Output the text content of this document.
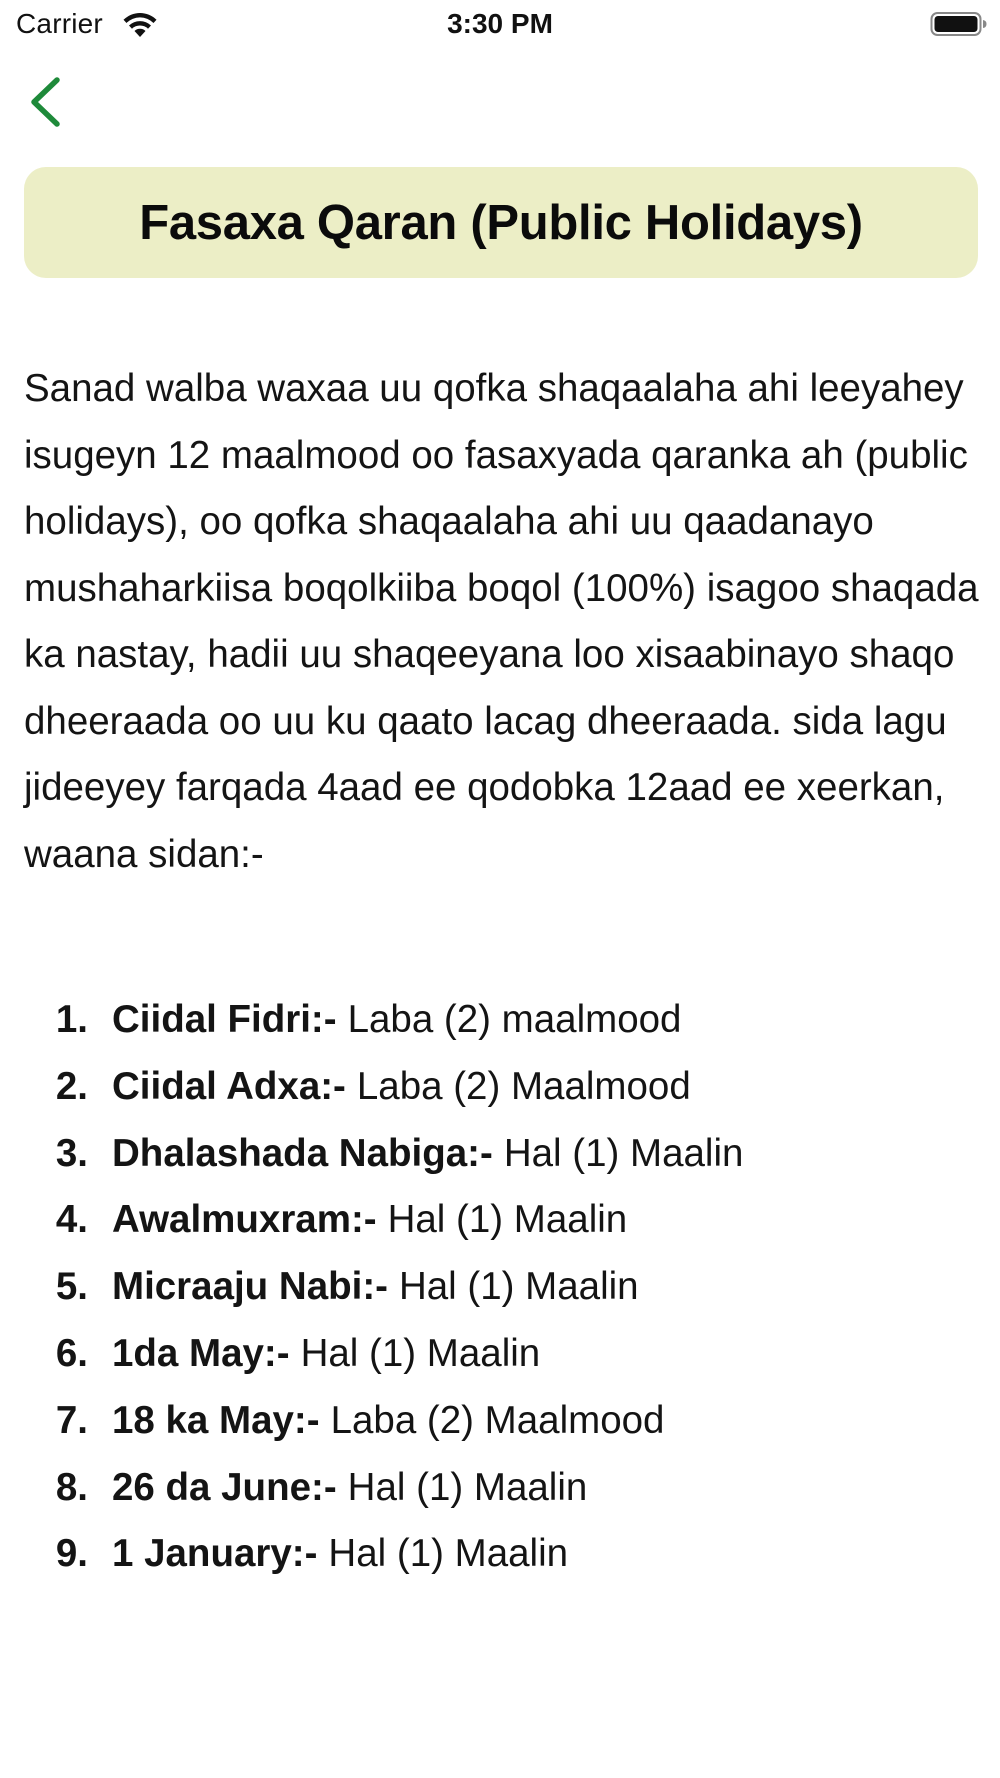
Carrier	3:30 PM
Fasaxa Qaran (Public Holidays)

Sanad walba waxaa uu qofka shaqaalaha ahi leeyahey isugeyn 12 maalmood oo fasaxyada qaranka ah (public holidays), oo qofka shaqaalaha ahi uu qaadanayo mushaharkiisa boqolkiiba boqol (100%) isagoo shaqada ka nastay, hadii uu shaqeeyana loo xisaabinayo shaqo dheeraada oo uu ku qaato lacag dheeraada. sida lagu jideeyey farqada 4aad ee qodobka 12aad ee xeerkan, waana sidan:-

1. Ciidal Fidri:- Laba (2) maalmood
2. Ciidal Adxa:- Laba (2) Maalmood
3. Dhalashada Nabiga:- Hal (1) Maalin
4. Awalmuxram:- Hal (1) Maalin
5. Micraaju Nabi:- Hal (1) Maalin
6. 1da May:- Hal (1) Maalin
7. 18 ka May:- Laba (2) Maalmood
8. 26 da June:- Hal (1) Maalin
9. 1 January:- Hal (1) Maalin
